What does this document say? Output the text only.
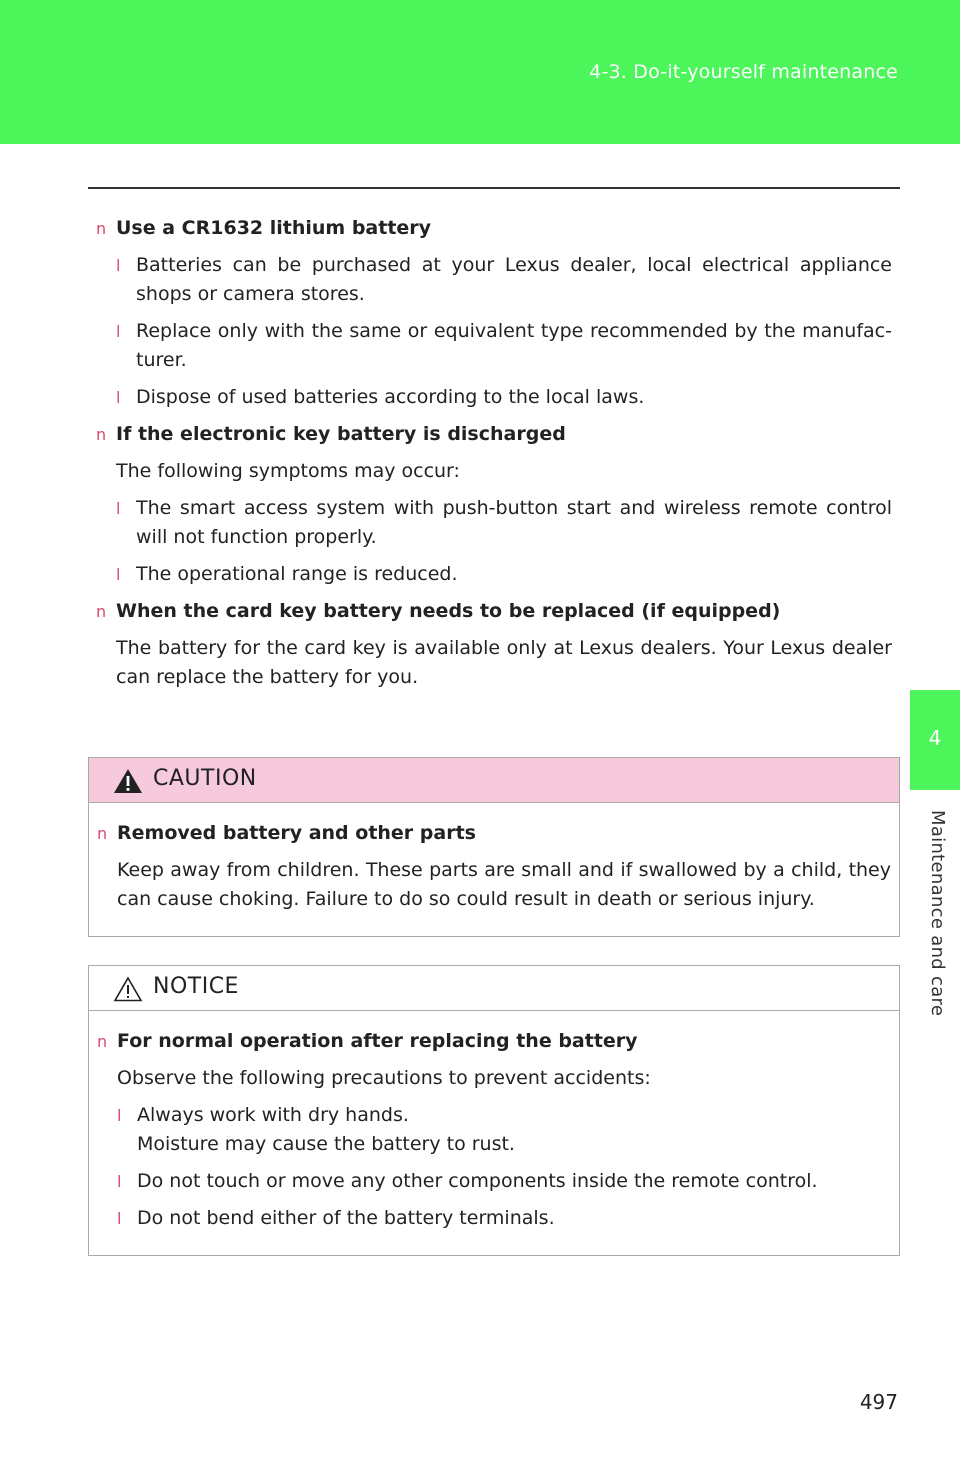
4-3. Do-it-yourself maintenance
4
Maintenance and care
n Use a CR1632 lithium battery
l Batteries can be purchased at your Lexus dealer, local electrical appliance shops or camera stores.
l Replace only with the same or equivalent type recommended by the manufac- turer.
l Dispose of used batteries according to the local laws.
n If the electronic key battery is discharged
The following symptoms may occur:
l The smart access system with push-button start and wireless remote control will not function properly.
l The operational range is reduced.
n When the card key battery needs to be replaced (if equipped)
The battery for the card key is available only at Lexus dealers. Your Lexus dealer can replace the battery for you.
CAUTION
n Removed battery and other parts
Keep away from children. These parts are small and if swallowed by a child, they can cause choking. Failure to do so could result in death or serious injury.
NOTICE
n For normal operation after replacing the battery
Observe the following precautions to prevent accidents:
l Always work with dry hands.
Moisture may cause the battery to rust.
l Do not touch or move any other components inside the remote control.
l Do not bend either of the battery terminals.
497
